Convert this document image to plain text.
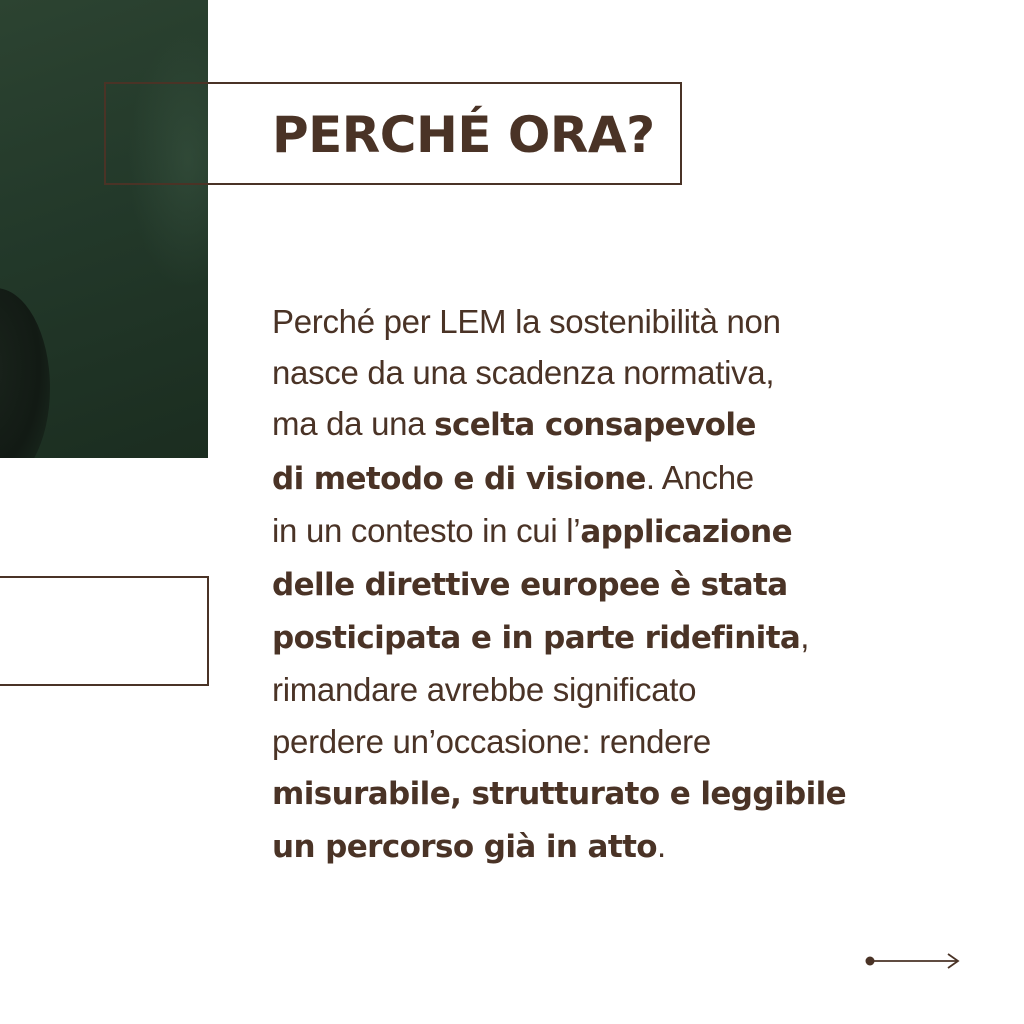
PERCHÉ ORA?
Perché per LEM la sostenibilità non
nasce da una scadenza normativa,
ma da una scelta consapevole
di metodo e di visione. Anche
in un contesto in cui l’applicazione
delle direttive europee è stata
posticipata e in parte ridefinita,
rimandare avrebbe significato
perdere un’occasione: rendere
misurabile, strutturato e leggibile
un percorso già in atto.
